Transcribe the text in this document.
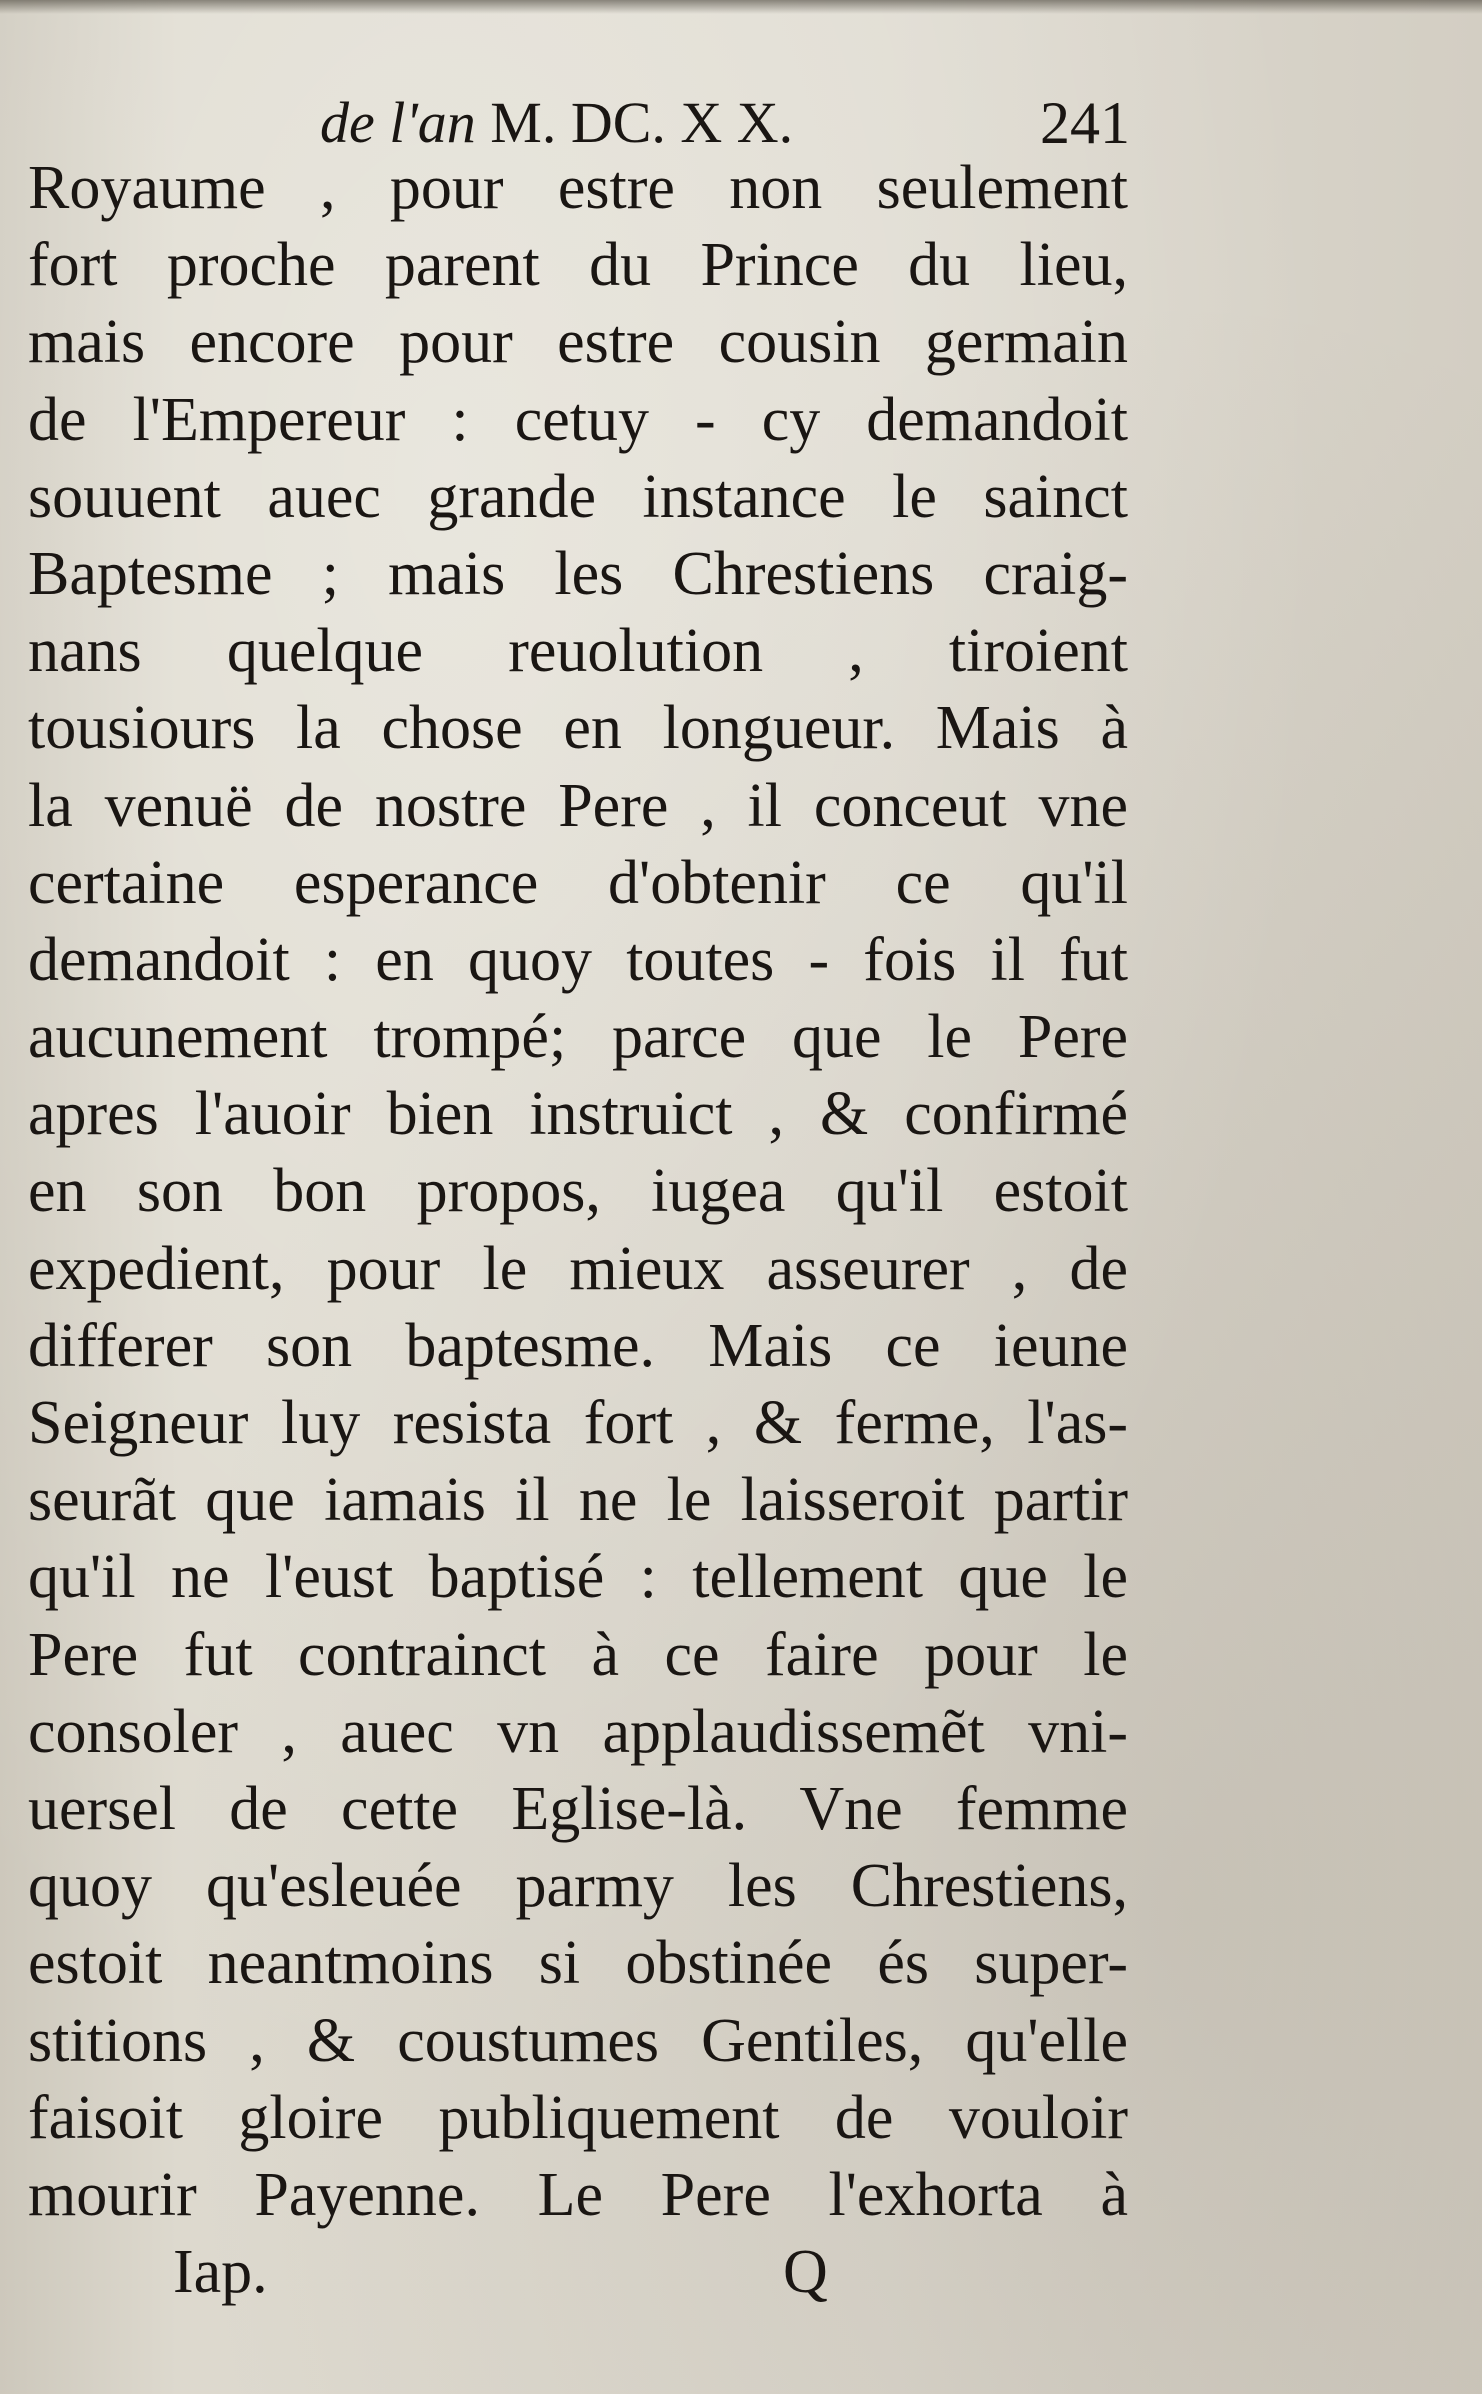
de l'an M. DC. X X.	241
Royaume , pour estre non seulement
fort proche parent du Prince du lieu,
mais encore pour estre cousin germain
de l'Empereur : cetuy - cy demandoit
souuent auec grande instance le sainct
Baptesme ; mais les Chrestiens craig-
nans quelque reuolution , tiroient
tousiours la chose en longueur. Mais à
la venuë de nostre Pere , il conceut vne
certaine esperance d'obtenir ce qu'il
demandoit : en quoy toutes - fois il fut
aucunement trompé; parce que le Pere
apres l'auoir bien instruict , & confirmé
en son bon propos, iugea qu'il estoit
expedient, pour le mieux asseurer , de
differer son baptesme. Mais ce ieune
Seigneur luy resista fort , & ferme, l'as-
seurãt que iamais il ne le laisseroit partir
qu'il ne l'eust baptisé : tellement que le
Pere fut contrainct à ce faire pour le
consoler , auec vn applaudissemẽt vni-
uersel de cette Eglise-là. Vne femme
quoy qu'esleuée parmy les Chrestiens,
estoit neantmoins si obstinée és super-
stitions , & coustumes Gentiles, qu'elle
faisoit gloire publiquement de vouloir
mourir Payenne. Le Pere l'exhorta à
Iap.	Q
